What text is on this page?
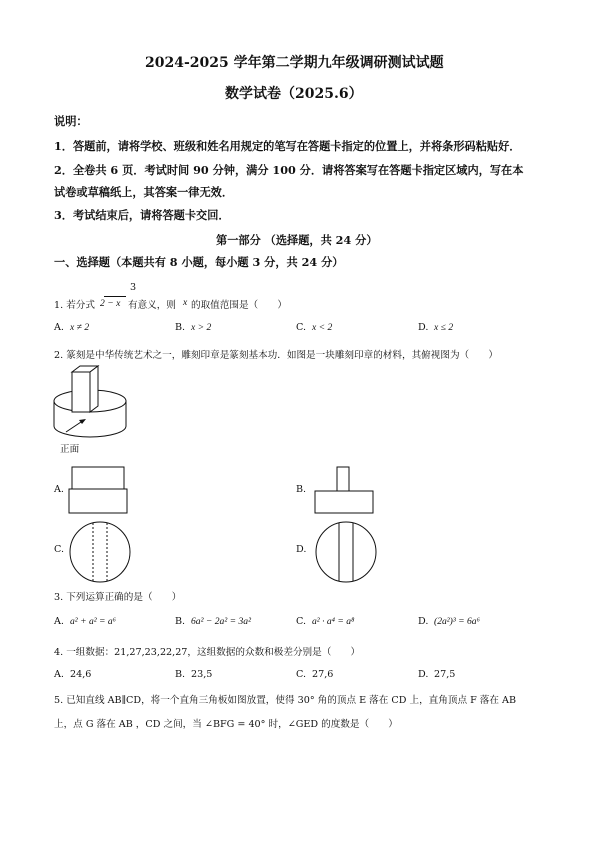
2024-2025 学年第二学期九年级调研测试试题
数学试卷（2025.6）
说明：
1．答题前，请将学校、班级和姓名用规定的笔写在答题卡指定的位置上，并将条形码粘贴好．
2．全卷共 6 页．考试时间 90 分钟，满分 100 分．请将答案写在答题卡指定区域内，写在本
试卷或草稿纸上，其答案一律无效．
3．考试结束后，请将答题卡交回．
第一部分 （选择题，共 24 分）
一、选择题（本题共有 8 小题，每小题 3 分，共 24 分）
1. 若分式
3
2 − x 有意义，则 x 的取值范围是（　　）
A. x ≠ 2	B. x > 2	C. x < 2	D. x ≤ 2
2. 篆刻是中华传统艺术之一，雕刻印章是篆刻基本功．如图是一块雕刻印章的材料，其俯视图为（　　）
正面
A.	B.
C.	D.
3. 下列运算正确的是（　　）
A. a² + a² = a⁶	B. 6a² − 2a² = 3a²	C. a² · a⁴ = a⁸	D. (2a²)³ = 6a⁶
4. 一组数据：21,27,23,22,27，这组数据的众数和极差分别是（　　）
A. 24,6	B. 23,5	C. 27,6	D. 27,5
5. 已知直线 AB∥CD，将一个直角三角板如图放置，使得 30° 角的顶点 E 落在 CD 上，直角顶点 F 落在 AB
上，点 G 落在 AB ，CD 之间，当 ∠BFG = 40° 时，∠GED 的度数是（　　）
